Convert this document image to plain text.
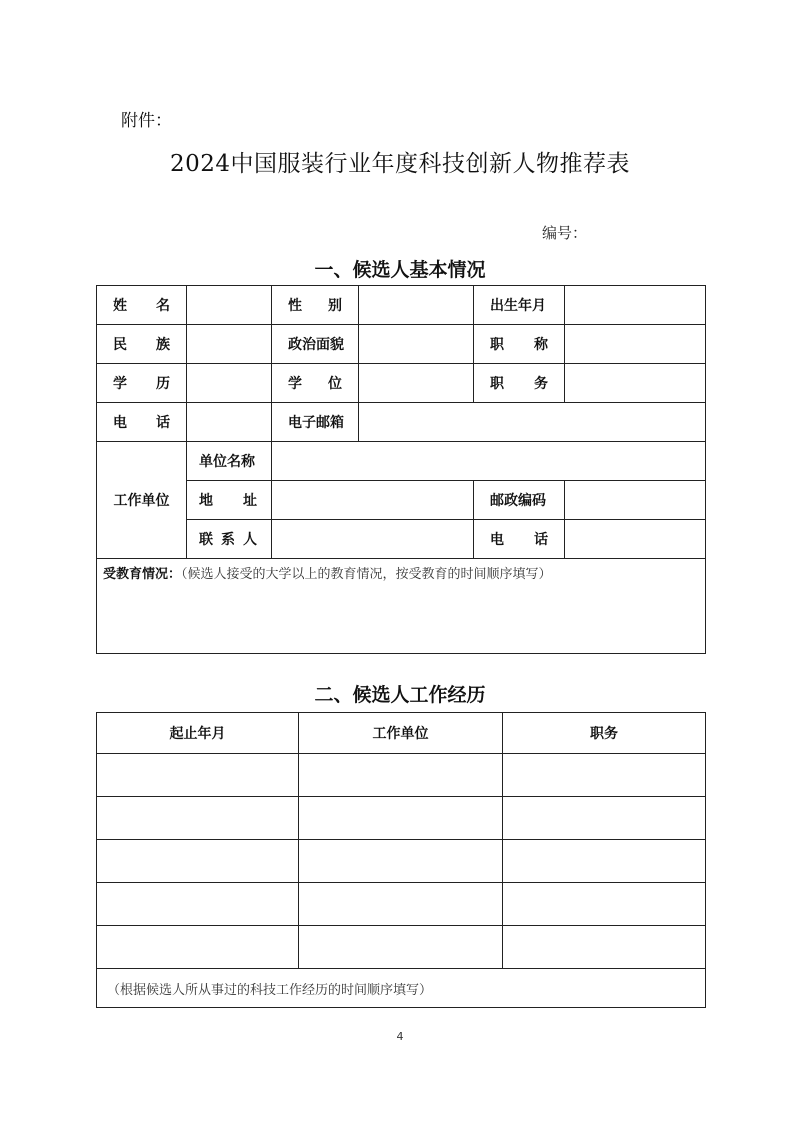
附件：
2024中国服装行业年度科技创新人物推荐表
编号：
一、候选人基本情况
姓 名		性 别		出生年月	

民 族		政治面貌		职 称	

学 历		学 位		职 务	

电 话		电子邮箱			
工作单位	单位名称				

	地 址			邮政编码	

	联 系 人			电 话	

受教育情况：（候选人接受的大学以上的教育情况，按受教育的时间顺序填写）					
二、候选人工作经历
起止年月	工作单位	职务

（根据候选人所从事过的科技工作经历的时间顺序填写）		
4
